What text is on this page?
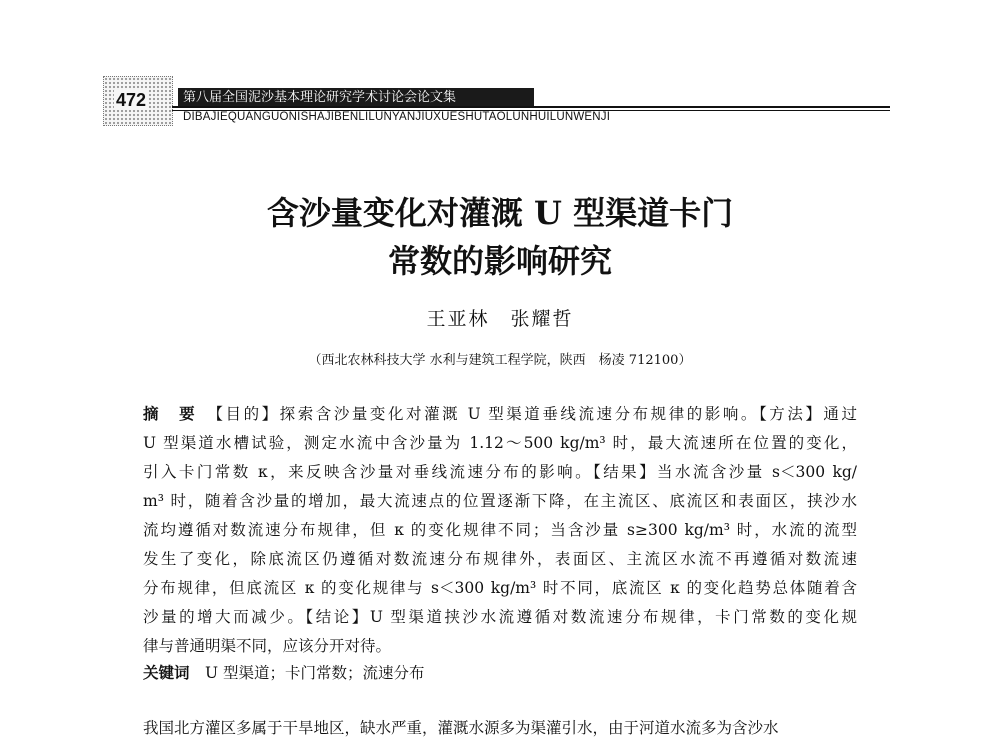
472	第八届全国泥沙基本理论研究学术讨论会论文集
DIBAJIEQUANGUONISHAJIBENLILUNYANJIUXUESHUTAOLUNHUILUNWENJI
含沙量变化对灌溉 U 型渠道卡门
常数的影响研究
王亚林　张耀哲
（西北农林科技大学 水利与建筑工程学院，陕西　杨凌 712100）
摘　要　 【目的】探索含沙量变化对灌溉 U 型渠道垂线流速分布规律的影响。【方法】通过
U 型渠道水槽试验，测定水流中含沙量为 1.12～500 kg/m³ 时，最大流速所在位置的变化，
引入卡门常数 κ，来反映含沙量对垂线流速分布的影响。【结果】当水流含沙量 s＜300 kg/
m³ 时，随着含沙量的增加，最大流速点的位置逐渐下降，在主流区、底流区和表面区，挟沙水
流均遵循对数流速分布规律，但 κ 的变化规律不同；当含沙量 s≥300 kg/m³ 时，水流的流型
发生了变化，除底流区仍遵循对数流速分布规律外，表面区、主流区水流不再遵循对数流速
分布规律，但底流区 κ 的变化规律与 s＜300 kg/m³ 时不同，底流区 κ 的变化趋势总体随着含
沙量的增大而减少。【结论】U 型渠道挟沙水流遵循对数流速分布规律，卡门常数的变化规
律与普通明渠不同，应该分开对待。
关键词　 U 型渠道；卡门常数；流速分布
我国北方灌区多属于干旱地区，缺水严重，灌溉水源多为渠灌引水，由于河道水流多为含沙水
